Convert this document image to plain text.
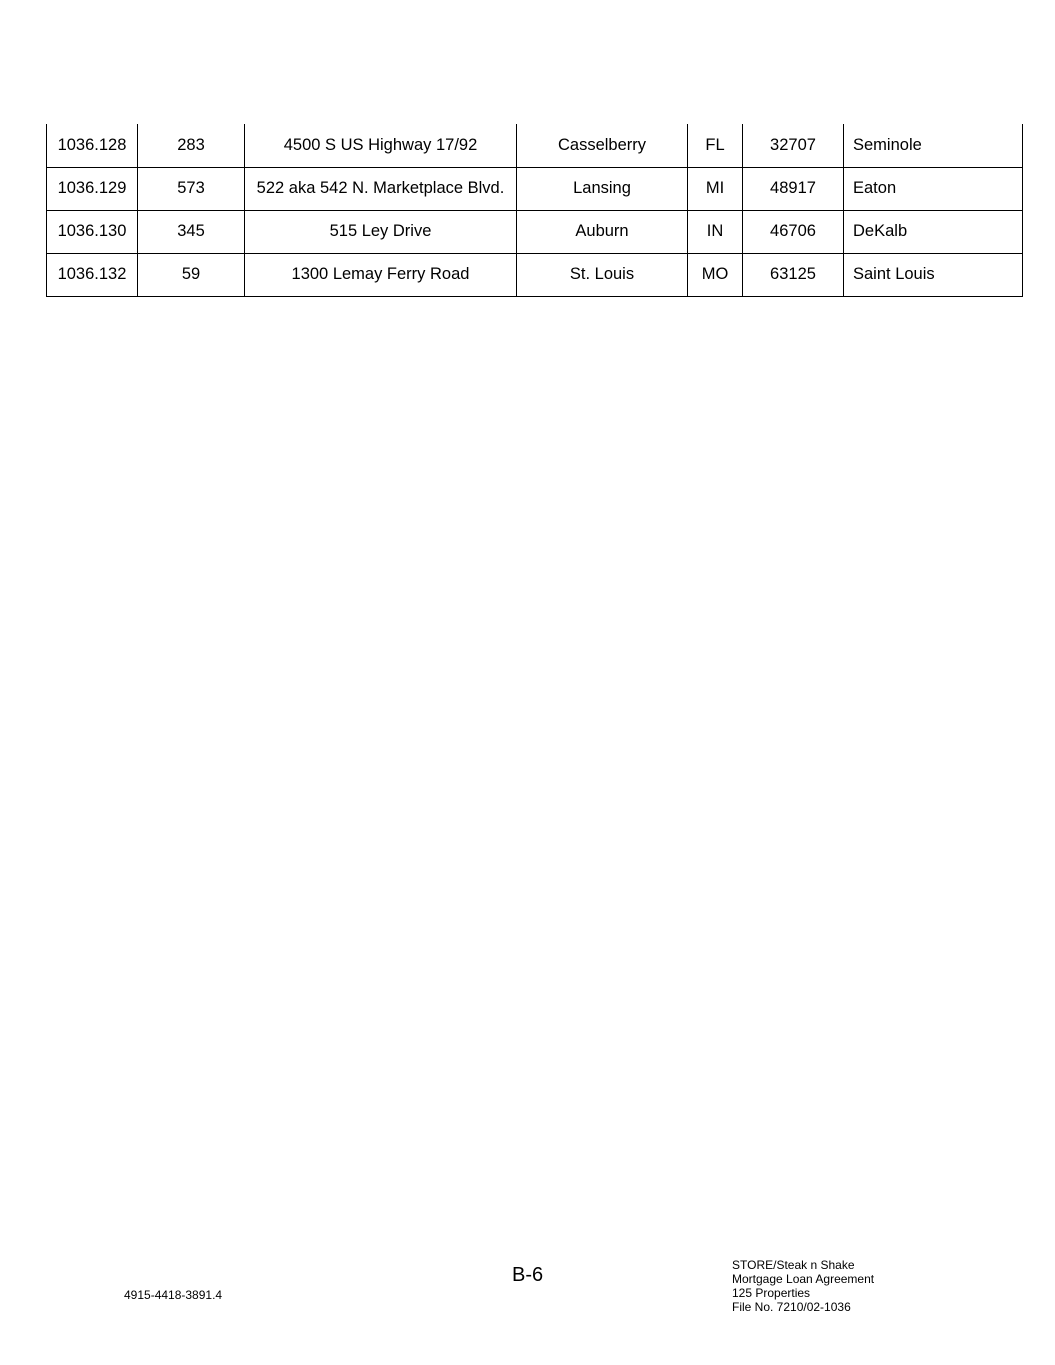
1036.128	283	4500 S US Highway 17/92	Casselberry	FL	32707	Seminole
1036.129	573	522 aka 542 N. Marketplace Blvd.	Lansing	MI	48917	Eaton
1036.130	345	515 Ley Drive	Auburn	IN	46706	DeKalb
1036.132	59	1300 Lemay Ferry Road	St. Louis	MO	63125	Saint Louis
4915-4418-3891.4
B-6	STORE/Steak n Shake
Mortgage Loan Agreement
125 Properties
File No. 7210/02-1036
